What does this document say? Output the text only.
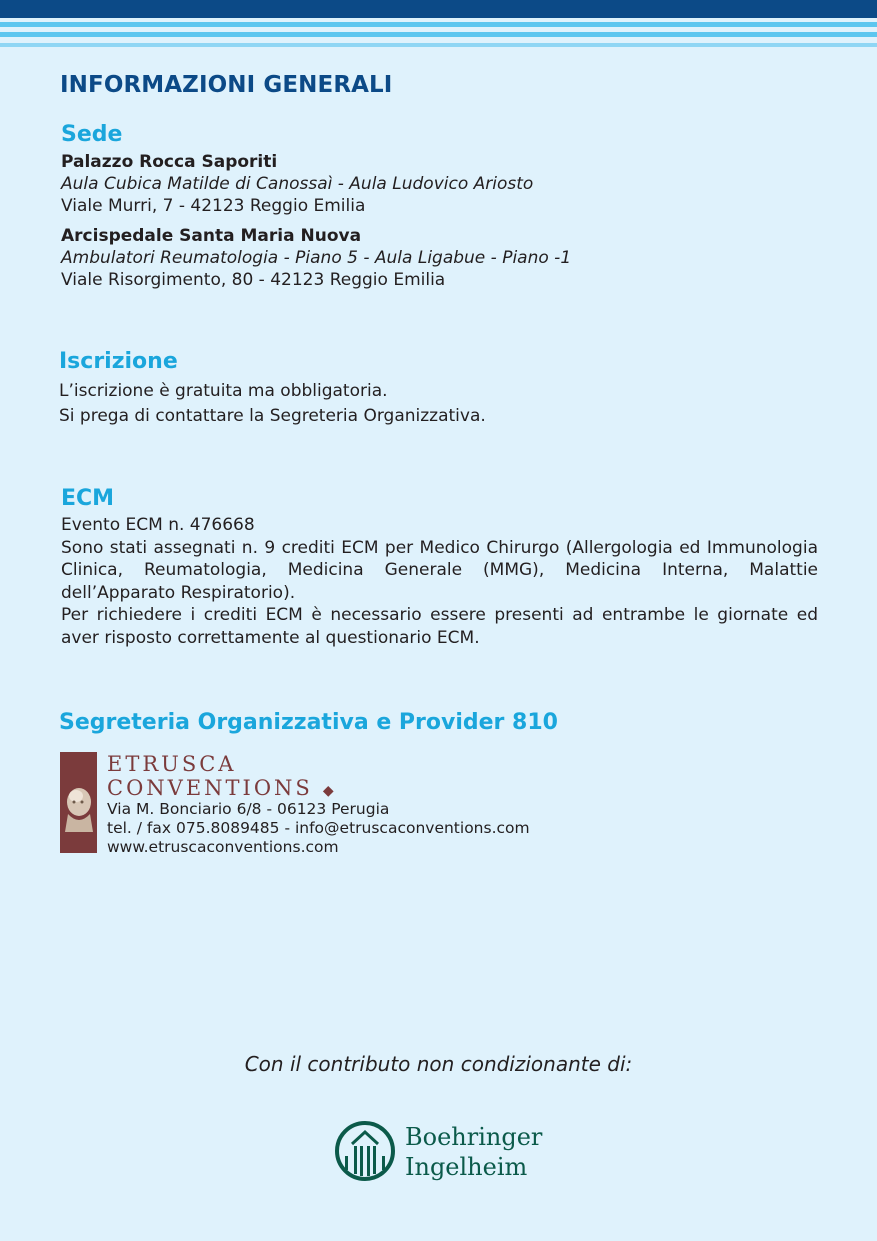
INFORMAZIONI GENERALI
Sede

Palazzo Rocca Saporiti

Aula Cubica Matilde di Canossaì - Aula Ludovico Ariosto

Viale Murri, 7 - 42123 Reggio Emilia

Arcispedale Santa Maria Nuova

Ambulatori Reumatologia - Piano 5 - Aula Ligabue - Piano -1

Viale Risorgimento, 80 - 42123 Reggio Emilia

Iscrizione

L’iscrizione è gratuita ma obbligatoria.

Si prega di contattare la Segreteria Organizzativa.

ECM

Evento ECM n. 476668

Sono stati assegnati n. 9 crediti ECM per Medico Chirurgo (Allergologia ed Immunologia Clinica, Reumatologia, Medicina Generale (MMG), Medicina Interna, Malattie dell’Apparato Respiratorio).

Per richiedere i crediti ECM è necessario essere presenti ad entrambe le giornate ed aver risposto correttamente al questionario ECM.

Segreteria Organizzativa e Provider 810
ETRUSCA
CONVENTIONS ◆

Via M. Bonciario 6/8 - 06123 Perugia

tel. / fax 075.8089485 - info@etruscaconventions.com

www.etruscaconventions.com

Con il contributo non condizionante di:

Boehringer

Ingelheim
